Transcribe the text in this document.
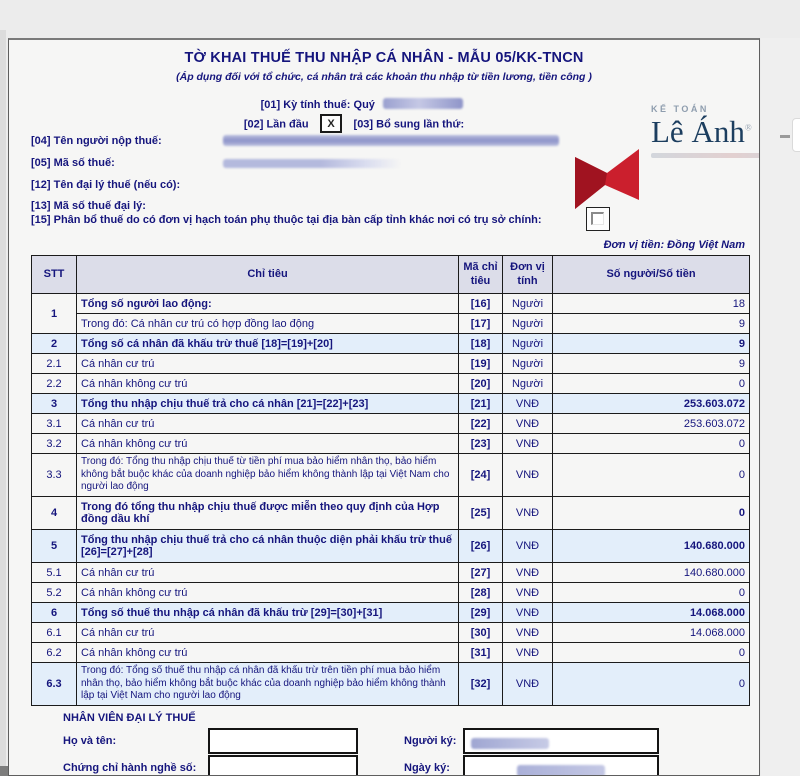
TỜ KHAI THUẾ THU NHẬP CÁ NHÂN - MẪU 05/KK-TNCN
(Áp dụng đối với tổ chức, cá nhân trả các khoản thu nhập từ tiền lương, tiền công )
[01] Kỳ tính thuế: Quý
[02] Lần đầu X [03] Bổ sung lần thứ:
[04] Tên người nộp thuế:
[05] Mã số thuế:
[12] Tên đại lý thuế (nếu có):
[13] Mã số thuế đại lý:
[15] Phân bổ thuế do có đơn vị hạch toán phụ thuộc tại địa bàn cấp tỉnh khác nơi có trụ sở chính:
KẾ TOÁN
Lê Ánh®
Đơn vị tiền: Đồng Việt Nam
STT	Chỉ tiêu	Mã chỉ tiêu	Đơn vị tính	Số người/Số tiền
1	Tổng số người lao động:	[16]	Người	18
	Trong đó: Cá nhân cư trú có hợp đồng lao động	[17]	Người	9
2	Tổng số cá nhân đã khấu trừ thuế [18]=[19]+[20]	[18]	Người	9
2.1	Cá nhân cư trú	[19]	Người	9
2.2	Cá nhân không cư trú	[20]	Người	0
3	Tổng thu nhập chịu thuế trả cho cá nhân [21]=[22]+[23]	[21]	VNĐ	253.603.072
3.1	Cá nhân cư trú	[22]	VNĐ	253.603.072
3.2	Cá nhân không cư trú	[23]	VNĐ	0
3.3	Trong đó: Tổng thu nhập chịu thuế từ tiền phí mua bảo hiểm nhân thọ, bảo hiểm không bắt buộc khác của doanh nghiệp bảo hiểm không thành lập tại Việt Nam cho người lao động	[24]	VNĐ	0
4	Trong đó tổng thu nhập chịu thuế được miễn theo quy định của Hợp đồng dầu khí	[25]	VNĐ	0
5	Tổng thu nhập chịu thuế trả cho cá nhân thuộc diện phải khấu trừ thuế [26]=[27]+[28]	[26]	VNĐ	140.680.000
5.1	Cá nhân cư trú	[27]	VNĐ	140.680.000
5.2	Cá nhân không cư trú	[28]	VNĐ	0
6	Tổng số thuế thu nhập cá nhân đã khấu trừ [29]=[30]+[31]	[29]	VNĐ	14.068.000
6.1	Cá nhân cư trú	[30]	VNĐ	14.068.000
6.2	Cá nhân không cư trú	[31]	VNĐ	0
6.3	Trong đó: Tổng số thuế thu nhập cá nhân đã khấu trừ trên tiền phí mua bảo hiểm nhân thọ, bảo hiểm không bắt buộc khác của doanh nghiệp bảo hiểm không thành lập tại Việt Nam cho người lao động	[32]	VNĐ	0
NHÂN VIÊN ĐẠI LÝ THUẾ
Họ và tên:	Người ký:
Chứng chỉ hành nghề số:	Ngày ký:
